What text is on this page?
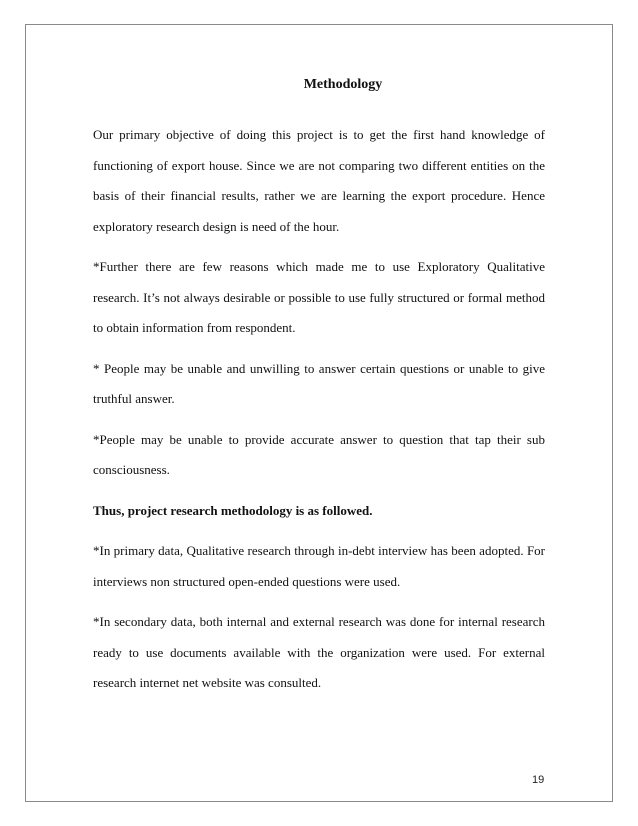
Methodology

Our primary objective of doing this project is to get the first hand knowledge of functioning of export house. Since we are not comparing two different entities on the basis of their financial results, rather we are learning the export procedure. Hence exploratory research design is need of the hour.

*Further there are few reasons which made me to use Exploratory Qualitative research. It’s not always desirable or possible to use fully structured or formal method to obtain information from respondent.

* People may be unable and unwilling to answer certain questions or unable to give truthful answer.

*People may be unable to provide accurate answer to question that tap their sub consciousness.

Thus, project research methodology is as followed.

*In primary data, Qualitative research through in-debt interview has been adopted. For interviews non structured open-ended questions were used.

*In secondary data, both internal and external research was done for internal research ready to use documents available with the organization were used. For external research internet net website was consulted.

19
